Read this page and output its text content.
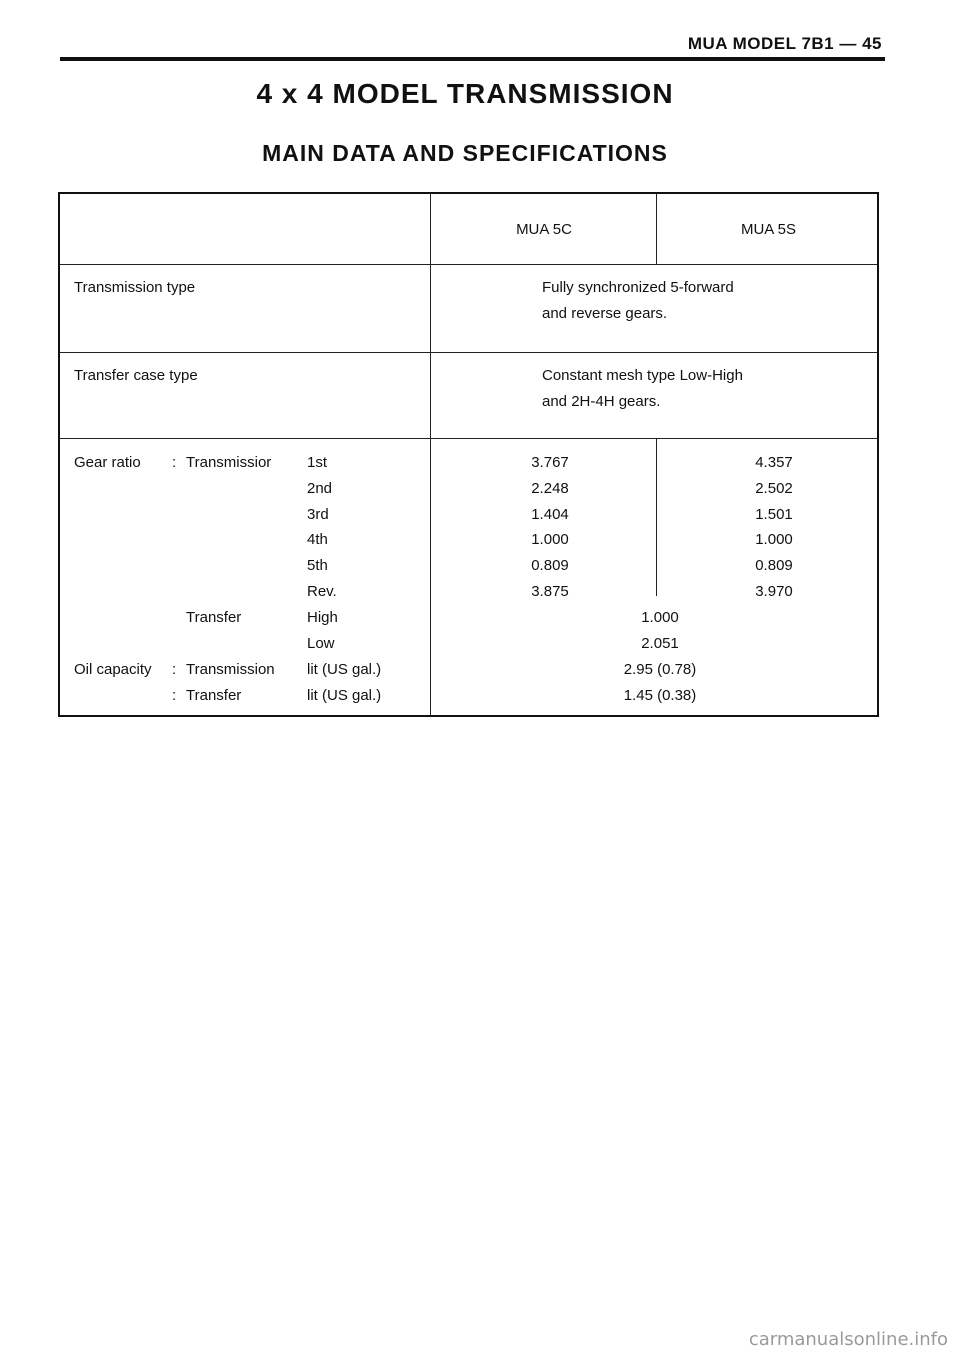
MUA MODEL 7B1 — 45
4 x 4 MODEL TRANSMISSION
MAIN DATA AND SPECIFICATIONS
MUA 5C	MUA 5S
Transmission type	Fully synchronized 5-forward
and reverse gears.
Transfer case type	Constant mesh type Low-High
and 2H-4H gears.
Gear ratio : Transmissior 1st	3.767	4.357
2nd	2.248	2.502
3rd	1.404	1.501
4th	1.000	1.000
5th	0.809	0.809
Rev.	3.875	3.970
Transfer	High	1.000
Low	2.051
Oil capacity : Transmission lit (US gal.)	2.95 (0.78)
: Transfer	lit (US gal.)	1.45 (0.38)
carmanualsonline.info
